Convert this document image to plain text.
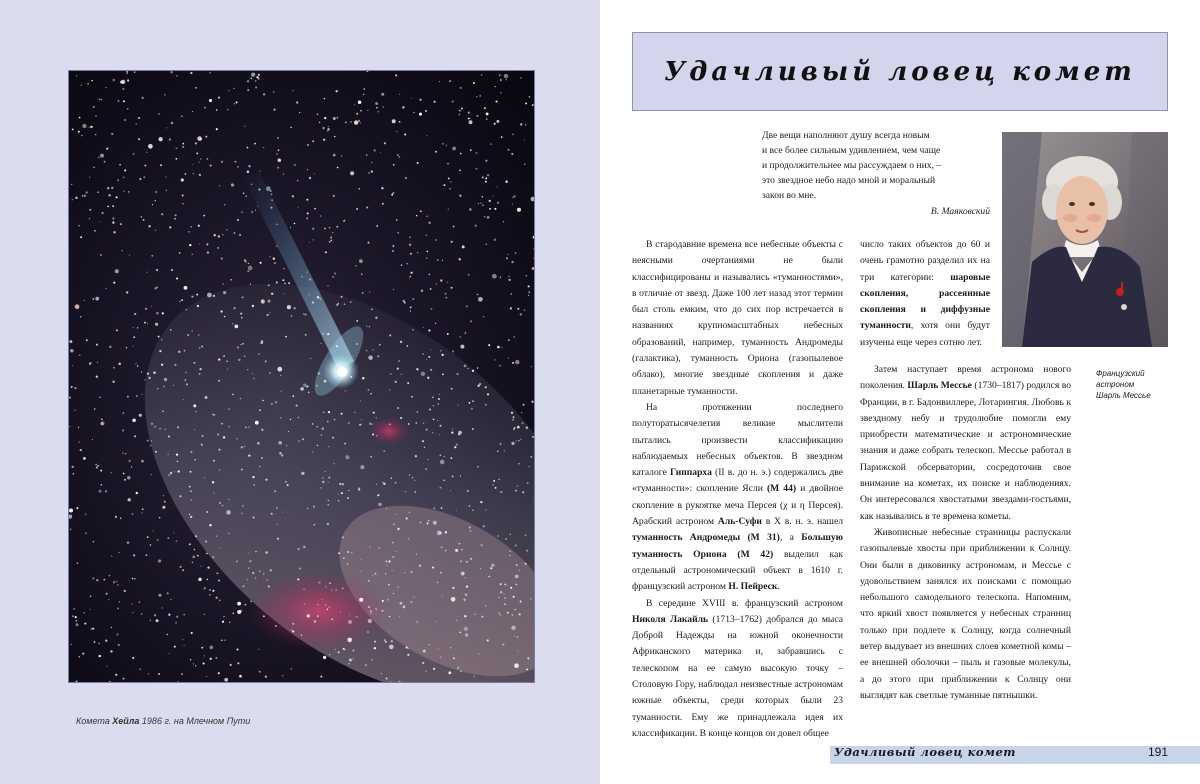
Комета Хейла 1986 г. на Млечном Пути
Удачливый ловец комет
Две вещи наполняют душу всегда новым
и все более сильным удивлением, чем чаще
и продолжительнее мы рассуждаем о них, –
это звездное небо надо мной и моральный
закон во мне.
В. Маяковский
Французский
астроном
Шарль Мессье

В стародавние времена все небесные объекты с неясными очертаниями не были классифицированы и назывались «туманностями», в отличие от звезд. Даже 100 лет назад этот термин был столь емким, что до сих пор встречается в названиях крупномасштабных небесных образований, например, туманность Андромеды (галактика), туманность Ориона (газопылевое облако), многие звездные скопления и даже планетарные туманности.

На протяжении последнего полуторатысячелетия великие мыслители пытались произвести классификацию наблюдаемых небесных объектов. В звездном каталоге Гиппарха (II в. до н. э.) содержались две «туманности»: скопление Ясли (М 44) и двойное скопление в рукоятке меча Персея (χ и η Персея). Арабский астроном Аль-Суфи в X в. н. э. нашел туманность Андромеды (М 31), а Большую туманность Ориона (М 42) выделил как отдельный астрономический объект в 1610 г. французский астроном Н. Пейреск.

В середине XVIII в. французский астроном Николя Лакайль (1713–1762) добрался до мыса Доброй Надежды на южной оконечности Африканского материка и, забравшись с телескопом на ее самую высокую точку – Столовую Гору, наблюдал неизвестные астрономам южные объекты, среди которых были 23 туманности. Ему же принадлежала идея их классификации. В конце концов он довел общее

число таких объектов до 60 и очень грамотно разделил их на три категории: шаровые скопления, рассеянные скопления и диффузные туманности, хотя они будут изучены еще через сотню лет.

Затем наступает время астронома нового поколения. Шарль Мессье (1730–1817) родился во Франции, в г. Бадонвиллере, Лотарингия. Любовь к звездному небу и трудолюбие помогли ему приобрести математические и астрономические знания и даже собрать телескоп. Мессье работал в Парижской обсерватории, сосредоточив свое внимание на кометах, их поиске и наблюдениях. Он интересовался хвостатыми звездами-гостьями, как назывались в те времена кометы.

Живописные небесные странницы распускали газопылевые хвосты при приближении к Солнцу. Они были в диковинку астрономам, и Мессье с удовольствием занялся их поисками с помощью небольшого самодельного телескопа. Напомним, что яркий хвост появляется у небесных странниц только при подлете к Солнцу, когда солнечный ветер выдувает из внешних слоев кометной комы – ее внешней оболочки – пыль и газовые молекулы, а до этого при приближении к Солнцу они выглядят как светлые туманные пятнышки.

Удачливый ловец комет	191
